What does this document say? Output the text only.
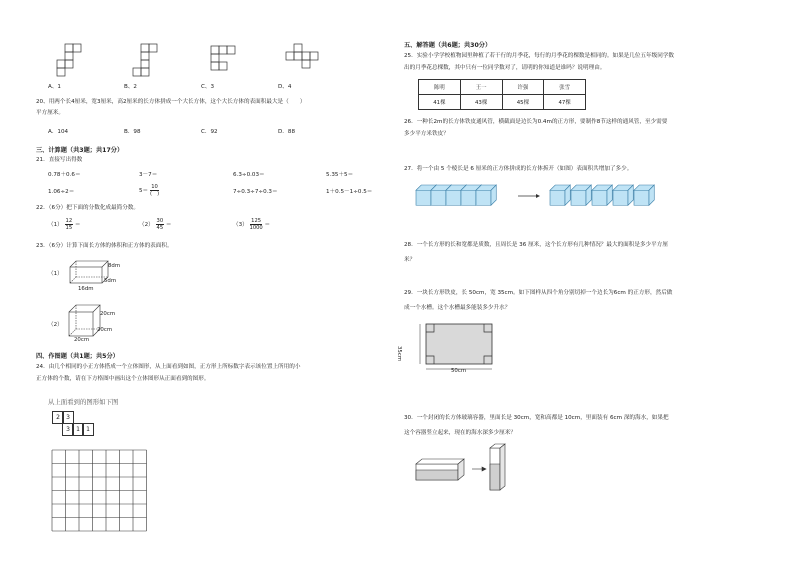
A、1	B、2	C、3	D、4
20、用两个长4厘米，宽3厘米，高2厘米的长方体拼成一个大长方体，这个大长方体的表面积最大是（　　）
平方厘米。
A．104	B．98	C．92	D．88
三、计算题（共3题；共17分）
21．直接写出得数
0.78＋0.6＝	3－7＝	6.3÷0.03＝	5.35＋5＝
1.06÷2＝	$5= \frac{10}{( )}$	7÷0.3÷7÷0.3＝	1＋0.5－1÷0.5＝
22．（6分）把下面的分数化成最简分数。
$(1) \frac{12}{15}$ ＝	$(2) \frac{30}{45}$ ＝	$(3) \frac{125}{1000}$ ＝
23．（6分）计算下面长方体的体积和正方体的表面积。
（1）
8dm
5dm
16dm
（2）
20cm
20cm
20cm
四、作图题（共1题；共5分）
24．由几个相同的小正方体搭成一个立体图形，从上面看到如图，正方形上所标数字表示该位置上所用的小
正方体的个数，请在下方格图中画出这个立体图形从正面看到的图形。
从上面看到的图形如下图
2	3
3	1	1
五、解答题（共6题；共30分）
25．实验小学学校植物园里种植了若干行的月季花，每行的月季花的棵数是相同的。如果是几位五年级同学数
出的月季花总棵数，其中只有一位同学数对了，请明的你知道是谁吗？说明理由。
陈明	王一	许强	张雪
41棵	43棵	45棵	47棵
26．一种长2m的长方体铁皮通风管，横截面是边长为0.4m的正方形，要制作8节这样的通风管，至少需要
多少平方米铁皮？
27．将一个由 5 个棱长是 6 厘米的正方体拼成的长方体拆开（如图）表面积共增加了多少。
28．一个长方形的长和宽都是质数，且周长是 36 厘米，这个长方形有几种情况？最大的面积是多少平方厘
米？
29．一块长方形铁皮，长 50cm，宽 35cm。如下图样从四个角分别切掉一个边长为6cm 的正方形，然后做
成一个水槽。这个水槽最多能装多少升水？
50cm
35cm
30．一个封闭的长方体玻璃容器，里面长是 30cm，宽和高都是 10cm，里面装有 6cm 深的海水，如果把
这个容器竖立起来，现在的海水深多少厘米？
